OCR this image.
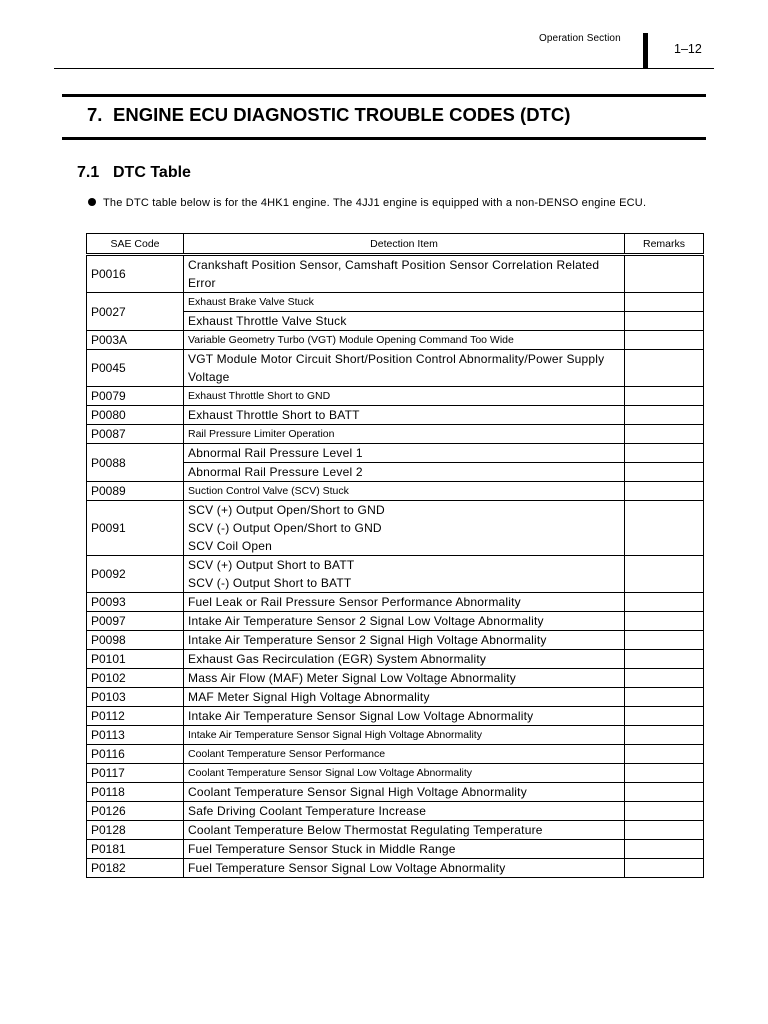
Operation Section
1–12
7. ENGINE ECU DIAGNOSTIC TROUBLE CODES (DTC)
7.1 DTC Table
The DTC table below is for the 4HK1 engine. The 4JJ1 engine is equipped with a non-DENSO engine ECU.
SAE Code	Detection Item	Remarks
P0016	Crankshaft Position Sensor, Camshaft Position Sensor Correlation Related Error	

P0027	Exhaust Brake Valve Stuck	

	Exhaust Throttle Valve Stuck	

P003A	Variable Geometry Turbo (VGT) Module Opening Command Too Wide	

P0045	VGT Module Motor Circuit Short/Position Control Abnormality/Power Supply Voltage	

P0079	Exhaust Throttle Short to GND	

P0080	Exhaust Throttle Short to BATT	

P0087	Rail Pressure Limiter Operation	

P0088	Abnormal Rail Pressure Level 1	

	Abnormal Rail Pressure Level 2	

P0089	Suction Control Valve (SCV) Stuck	

P0091	SCV (+) Output Open/Short to GND
SCV (-) Output Open/Short to GND
SCV Coil Open	

P0092	SCV (+) Output Short to BATT
SCV (-) Output Short to BATT	

P0093	Fuel Leak or Rail Pressure Sensor Performance Abnormality	

P0097	Intake Air Temperature Sensor 2 Signal Low Voltage Abnormality	

P0098	Intake Air Temperature Sensor 2 Signal High Voltage Abnormality	

P0101	Exhaust Gas Recirculation (EGR) System Abnormality	

P0102	Mass Air Flow (MAF) Meter Signal Low Voltage Abnormality	

P0103	MAF Meter Signal High Voltage Abnormality	

P0112	Intake Air Temperature Sensor Signal Low Voltage Abnormality	

P0113	Intake Air Temperature Sensor Signal High Voltage Abnormality	

P0116	Coolant Temperature Sensor Performance	

P0117	Coolant Temperature Sensor Signal Low Voltage Abnormality	

P0118	Coolant Temperature Sensor Signal High Voltage Abnormality	

P0126	Safe Driving Coolant Temperature Increase	

P0128	Coolant Temperature Below Thermostat Regulating Temperature	

P0181	Fuel Temperature Sensor Stuck in Middle Range	

P0182	Fuel Temperature Sensor Signal Low Voltage Abnormality	
